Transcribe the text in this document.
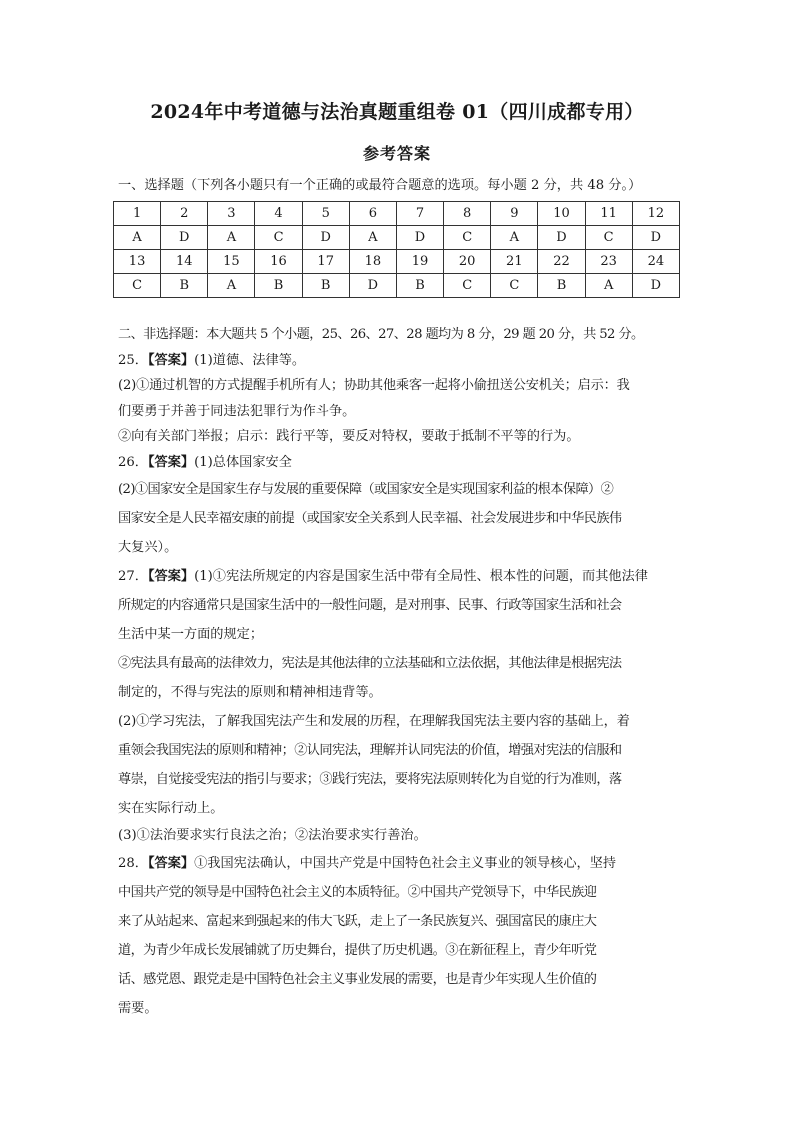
2024年中考道德与法治真题重组卷 01（四川成都专用）
参考答案
一、选择题（下列各小题只有一个正确的或最符合题意的选项。每小题 2 分，共 48 分。）
1	2	3	4	5	6	7	8	9	10	11	12
A	D	A	C	D	A	D	C	A	D	C	D
13	14	15	16	17	18	19	20	21	22	23	24
C	B	A	B	B	D	B	C	C	B	A	D

二、非选择题：本大题共 5 个小题，25、26、27、28 题均为 8 分，29 题 20 分，共 52 分。

25．【答案】(1)道德、法律等。

(2)①通过机智的方式提醒手机所有人；协助其他乘客一起将小偷扭送公安机关；启示：我

们要勇于并善于同违法犯罪行为作斗争。

②向有关部门举报；启示：践行平等，要反对特权，要敢于抵制不平等的行为。

26．【答案】(1)总体国家安全

(2)①国家安全是国家生存与发展的重要保障（或国家安全是实现国家利益的根本保障）②

国家安全是人民幸福安康的前提（或国家安全关系到人民幸福、社会发展进步和中华民族伟

大复兴）。

27．【答案】(1)①宪法所规定的内容是国家生活中带有全局性、根本性的问题，而其他法律

所规定的内容通常只是国家生活中的一般性问题，是对刑事、民事、行政等国家生活和社会

生活中某一方面的规定；

②宪法具有最高的法律效力，宪法是其他法律的立法基础和立法依据，其他法律是根据宪法

制定的，不得与宪法的原则和精神相违背等。

(2)①学习宪法，了解我国宪法产生和发展的历程，在理解我国宪法主要内容的基础上，着

重领会我国宪法的原则和精神；②认同宪法，理解并认同宪法的价值，增强对宪法的信服和

尊崇，自觉接受宪法的指引与要求；③践行宪法，要将宪法原则转化为自觉的行为准则，落

实在实际行动上。

(3)①法治要求实行良法之治；②法治要求实行善治。

28．【答案】①我国宪法确认，中国共产党是中国特色社会主义事业的领导核心，坚持

中国共产党的领导是中国特色社会主义的本质特征。②中国共产党领导下，中华民族迎

来了从站起来、富起来到强起来的伟大飞跃，走上了一条民族复兴、强国富民的康庄大

道，为青少年成长发展铺就了历史舞台，提供了历史机遇。③在新征程上，青少年听党

话、感党恩、跟党走是中国特色社会主义事业发展的需要，也是青少年实现人生价值的

需要。
